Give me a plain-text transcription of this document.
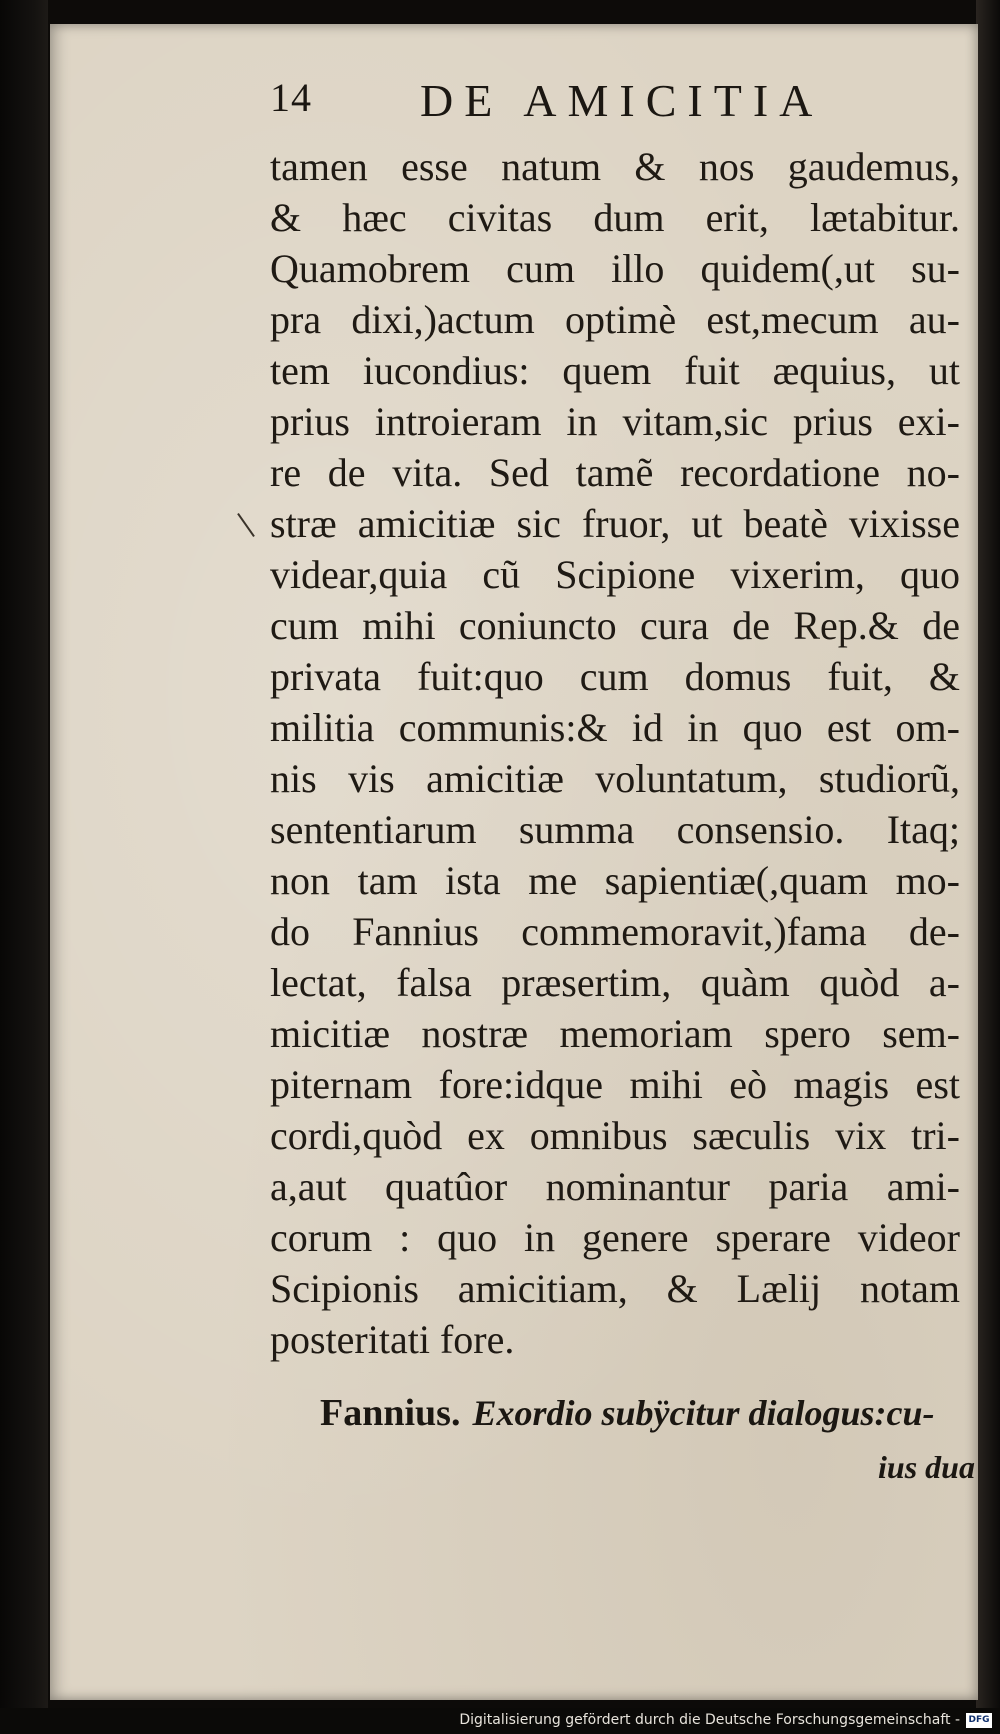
14 DE AMICITIA
tamen esse natum & nos gaudemus,
& hæc civitas dum erit, lætabitur.
Quamobrem cum illo quidem(,ut su-
pra dixi,)actum optimè est,mecum au-
tem iucondius: quem fuit æquius, ut
prius introieram in vitam,sic prius exi-
re de vita. Sed tamẽ recordatione no-
stræ amicitiæ sic fruor, ut beatè vixisse
videar,quia cũ Scipione vixerim, quo
cum mihi coniuncto cura de Rep.& de
privata fuit:quo cum domus fuit, &
militia communis:& id in quo est om-
nis vis amicitiæ voluntatum, studiorũ,
sententiarum summa consensio. Itaq;
non tam ista me sapientiæ(,quam mo-
do Fannius commemoravit,)fama de-
lectat, falsa præsertim, quàm quòd a-
micitiæ nostræ memoriam spero sem-
piternam fore:idque mihi eò magis est
cordi,quòd ex omnibus sæculis vix tri-
a,aut quatûor nominantur paria ami-
corum : quo in genere sperare videor
Scipionis amicitiam, & Lælij notam
posteritati fore.
Fannius. Exordio subÿcitur dialogus:cu-
ius dua
Digitalisierung gefördert durch die Deutsche Forschungsgemeinschaft - DFG
